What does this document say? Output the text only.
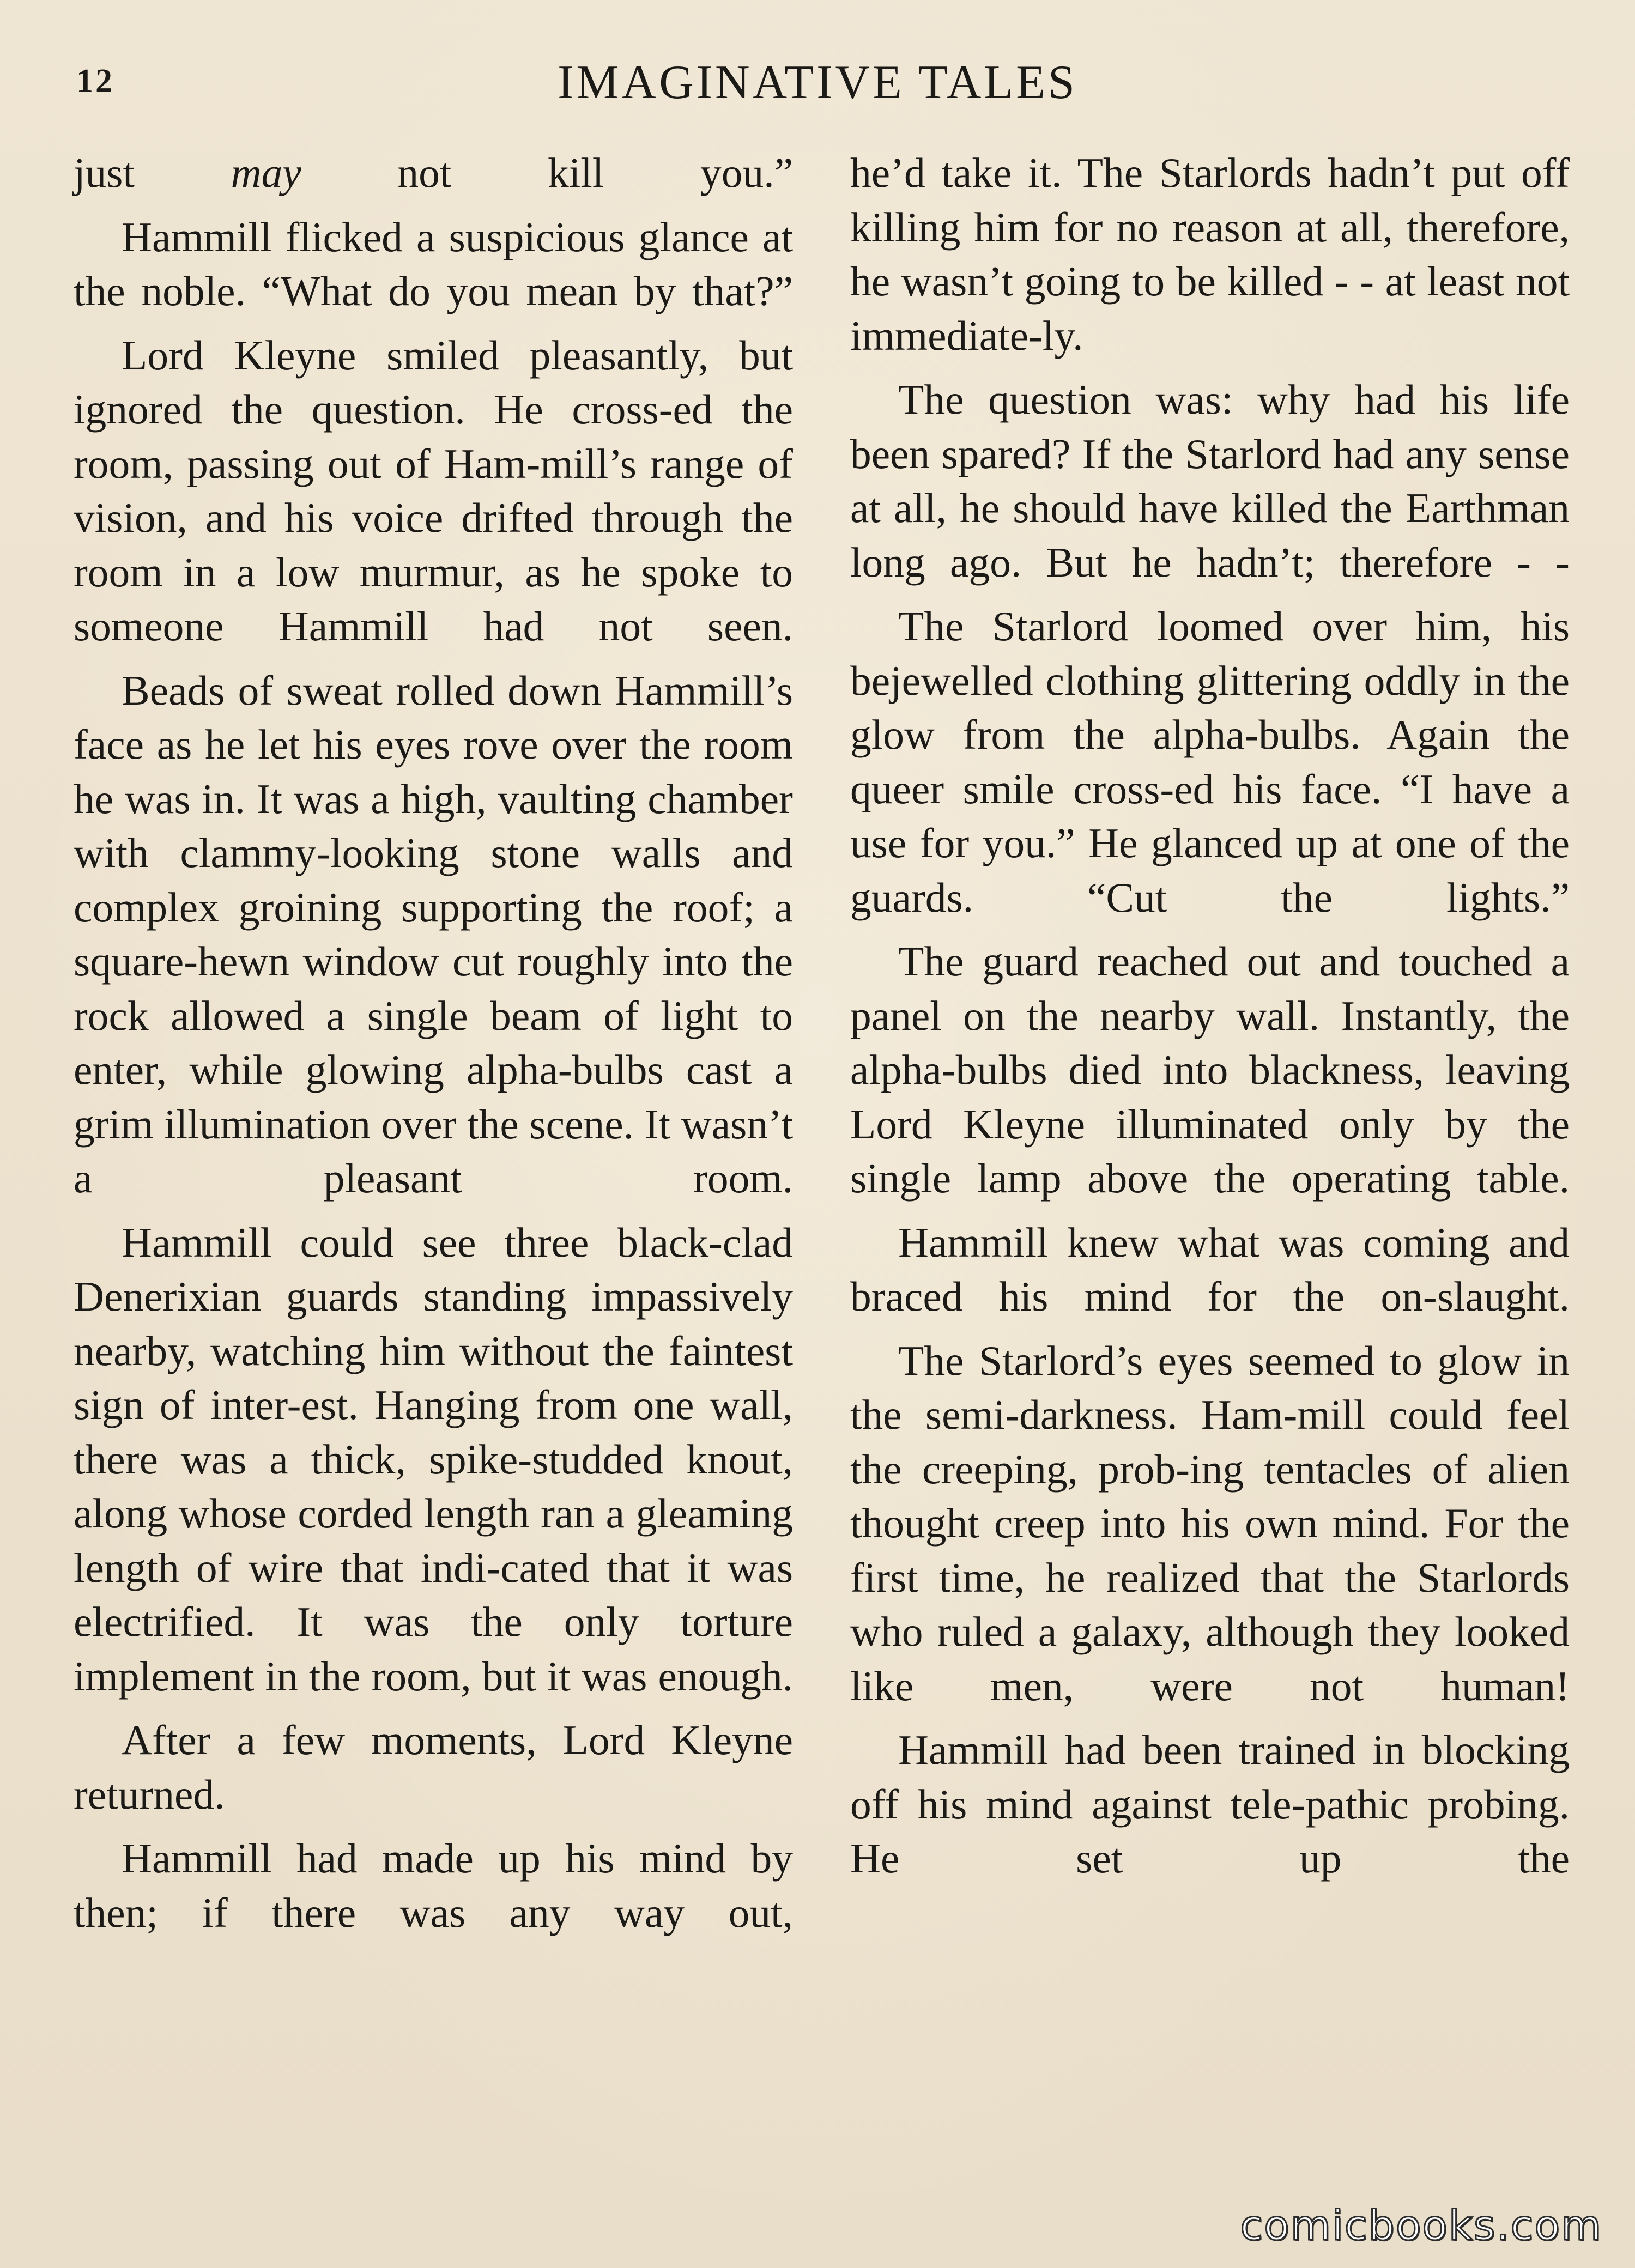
12	IMAGINATIVE TALES

just may not kill you.”

Hammill flicked a suspicious glance at the noble. “What do you mean by that?”

Lord Kleyne smiled pleasantly, but ignored the question. He cross-ed the room, passing out of Ham-mill’s range of vision, and his voice drifted through the room in a low murmur, as he spoke to someone Hammill had not seen.

Beads of sweat rolled down Hammill’s face as he let his eyes rove over the room he was in. It was a high, vaulting chamber with clammy-looking stone walls and complex groining supporting the roof; a square-hewn window cut roughly into the rock allowed a single beam of light to enter, while glowing alpha-bulbs cast a grim illumination over the scene. It wasn’t a pleasant room.

Hammill could see three black-clad Denerixian guards standing impassively nearby, watching him without the faintest sign of inter-est. Hanging from one wall, there was a thick, spike-studded knout, along whose corded length ran a gleaming length of wire that indi-cated that it was electrified. It was the only torture implement in the room, but it was enough.

After a few moments, Lord Kleyne returned.

Hammill had made up his mind by then; if there was any way out,

he’d take it. The Starlords hadn’t put off killing him for no reason at all, therefore, he wasn’t going to be killed - - at least not immediate-ly.

The question was: why had his life been spared? If the Starlord had any sense at all, he should have killed the Earthman long ago. But he hadn’t; therefore - -

The Starlord loomed over him, his bejewelled clothing glittering oddly in the glow from the alpha-bulbs. Again the queer smile cross-ed his face. “I have a use for you.” He glanced up at one of the guards. “Cut the lights.”

The guard reached out and touched a panel on the nearby wall. Instantly, the alpha-bulbs died into blackness, leaving Lord Kleyne illuminated only by the single lamp above the operating table.

Hammill knew what was coming and braced his mind for the on-slaught.

The Starlord’s eyes seemed to glow in the semi-darkness. Ham-mill could feel the creeping, prob-ing tentacles of alien thought creep into his own mind. For the first time, he realized that the Starlords who ruled a galaxy, although they looked like men, were not human!

Hammill had been trained in blocking off his mind against tele-pathic probing. He set up the

comicbooks.com
